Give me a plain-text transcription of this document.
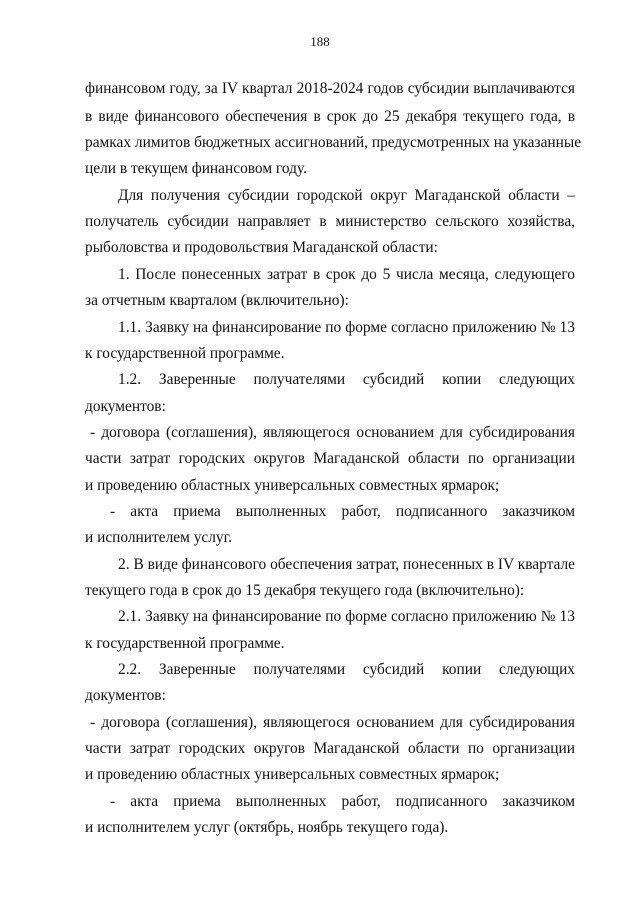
188
финансовом году, за IV квартал 2018-2024 годов субсидии выплачиваются
в виде финансового обеспечения в срок до 25 декабря текущего года, в
рамках лимитов бюджетных ассигнований, предусмотренных на указанные
цели в текущем финансовом году.
Для получения субсидии городской округ Магаданской области –
получатель субсидии направляет в министерство сельского хозяйства,
рыболовства и продовольствия Магаданской области:
1. После понесенных затрат в срок до 5 числа месяца, следующего
за отчетным кварталом (включительно):
1.1. Заявку на финансирование по форме согласно приложению № 13
к государственной программе.
1.2. Заверенные получателями субсидий копии следующих
документов:
- договора (соглашения), являющегося основанием для субсидирования
части затрат городских округов Магаданской области по организации
и проведению областных универсальных совместных ярмарок;
- акта приема выполненных работ, подписанного заказчиком
и исполнителем услуг.
2. В виде финансового обеспечения затрат, понесенных в IV квартале
текущего года в срок до 15 декабря текущего года (включительно):
2.1. Заявку на финансирование по форме согласно приложению № 13
к государственной программе.
2.2. Заверенные получателями субсидий копии следующих
документов:
- договора (соглашения), являющегося основанием для субсидирования
части затрат городских округов Магаданской области по организации
и проведению областных универсальных совместных ярмарок;
- акта приема выполненных работ, подписанного заказчиком
и исполнителем услуг (октябрь, ноябрь текущего года).
